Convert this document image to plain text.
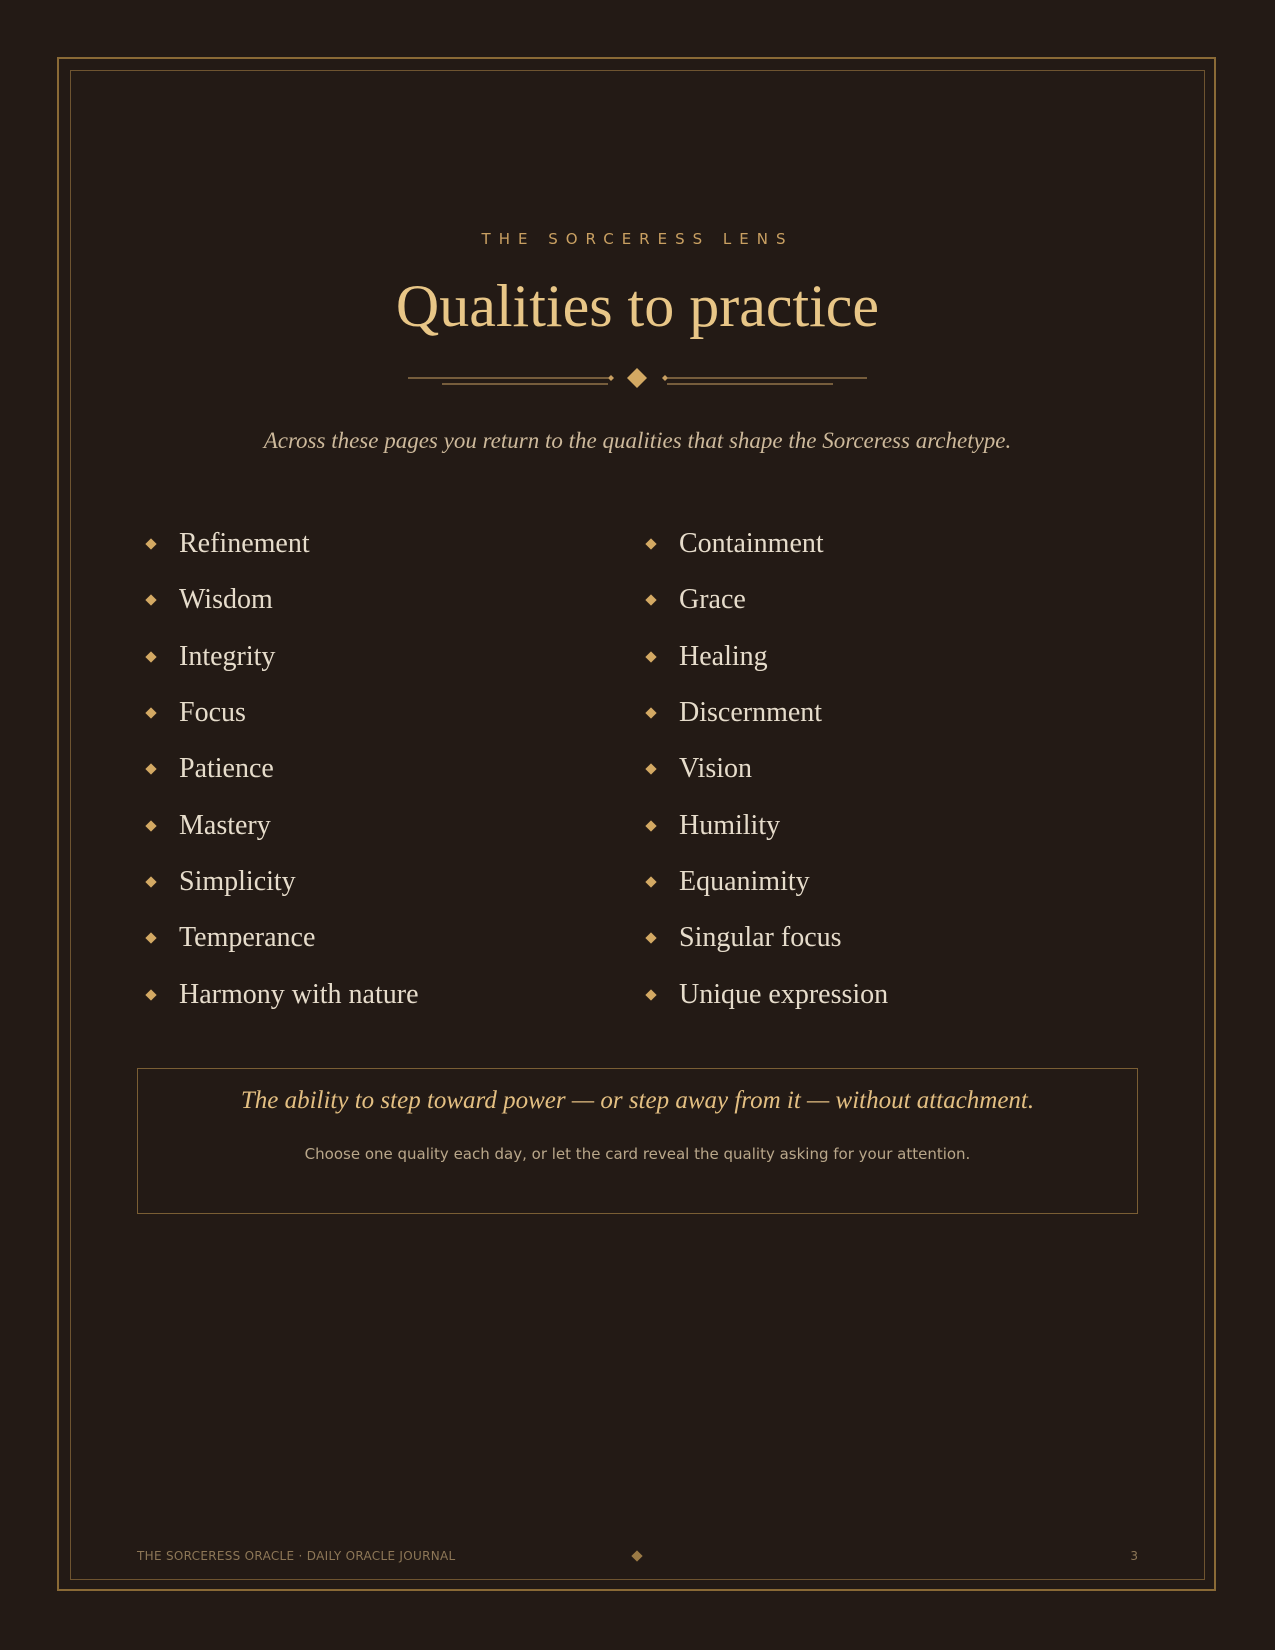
THE SORCERESS LENS
Qualities to practice
Across these pages you return to the qualities that shape the Sorceress archetype.
Refinement
Wisdom
Integrity
Focus
Patience
Mastery
Simplicity
Temperance
Harmony with nature
Containment
Grace
Healing
Discernment
Vision
Humility
Equanimity
Singular focus
Unique expression
The ability to step toward power — or step away from it — without attachment.
Choose one quality each day, or let the card reveal the quality asking for your attention.
THE SORCERESS ORACLE · DAILY ORACLE JOURNAL	3
